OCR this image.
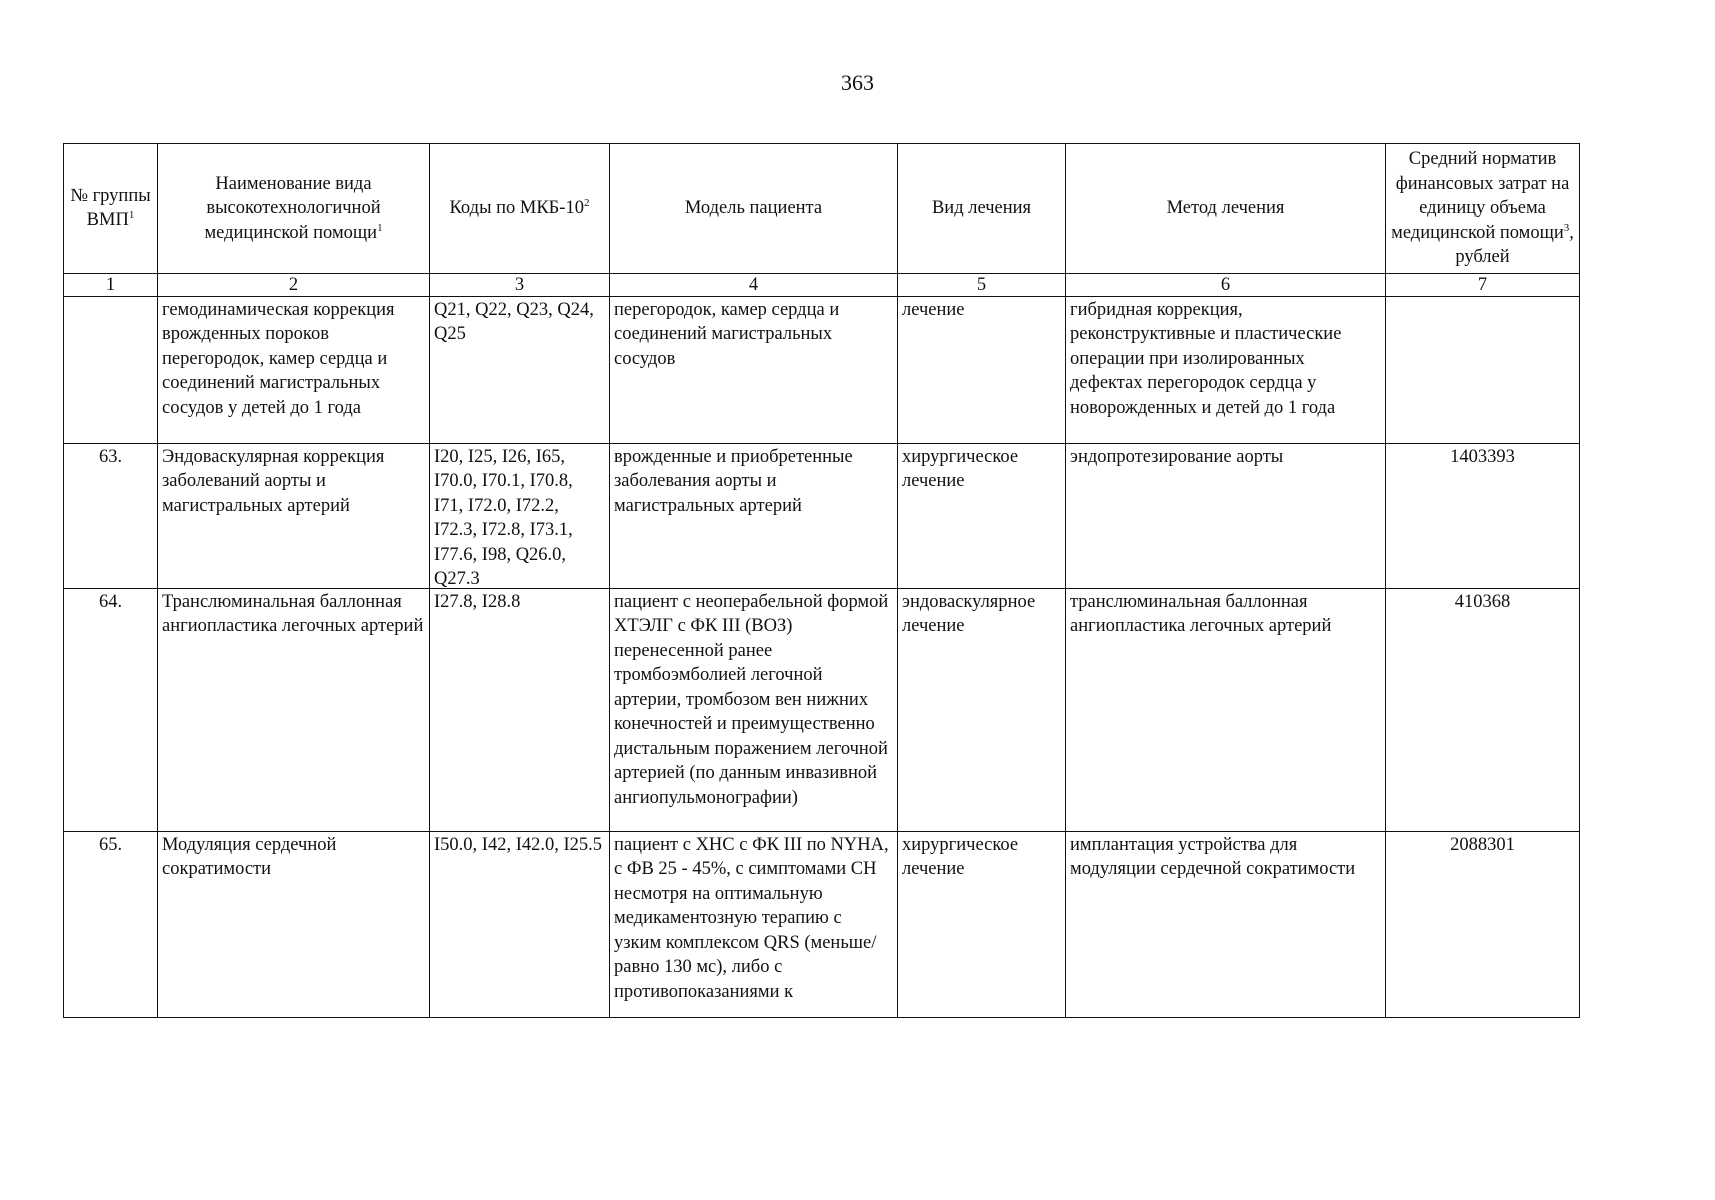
363
№ группы ВМП$^1$	Наименование вида высокотехнологичной медицинской помощи$^1$	Коды по МКБ-$10^2$	Модель пациента	Вид лечения	Метод лечения	Средний норматив финансовых затрат на единицу объема медицинской помощи$^3$, рублей
1	2	3	4	5	6	7

	гемодинамическая коррекция врожденных пороков перегородок, камер сердца и соединений магистральных сосудов у детей до 1 года	Q21, Q22, Q23, Q24, Q25	перегородок, камер сердца и соединений магистральных сосудов	лечение	гибридная коррекция, реконструктивные и пластические операции при изолированных дефектах перегородок сердца у новорожденных и детей до 1 года	

63.	Эндоваскулярная коррекция заболеваний аорты и магистральных артерий	I20, I25, I26, I65, I70.0, I70.1, I70.8, I71, I72.0, I72.2, I72.3, I72.8, I73.1, I77.6, I98, Q26.0, Q27.3	врожденные и приобретенные заболевания аорты и магистральных артерий	хирургическое лечение	эндопротезирование аорты	1403393

64.	Транслюминальная баллонная ангиопластика легочных артерий	I27.8, I28.8	пациент с неоперабельной формой ХТЭЛГ с ФК III (ВОЗ) перенесенной ранее тромбоэмболией легочной артерии, тромбозом вен нижних конечностей и преимущественно дистальным поражением легочной артерией (по данным инвазивной ангиопульмонографии)	эндоваскулярное лечение	транслюминальная баллонная ангиопластика легочных артерий	410368

65.	Модуляция сердечной сократимости	I50.0, I42, I42.0, I25.5	пациент с ХНС с ФК III по NYHA, с ФВ 25 - 45%, с симптомами СН несмотря на оптимальную медикаментозную терапию с узким комплексом QRS (меньше/равно 130 мс), либо с противопоказаниями к	хирургическое лечение	имплантация устройства для модуляции сердечной сократимости	2088301
